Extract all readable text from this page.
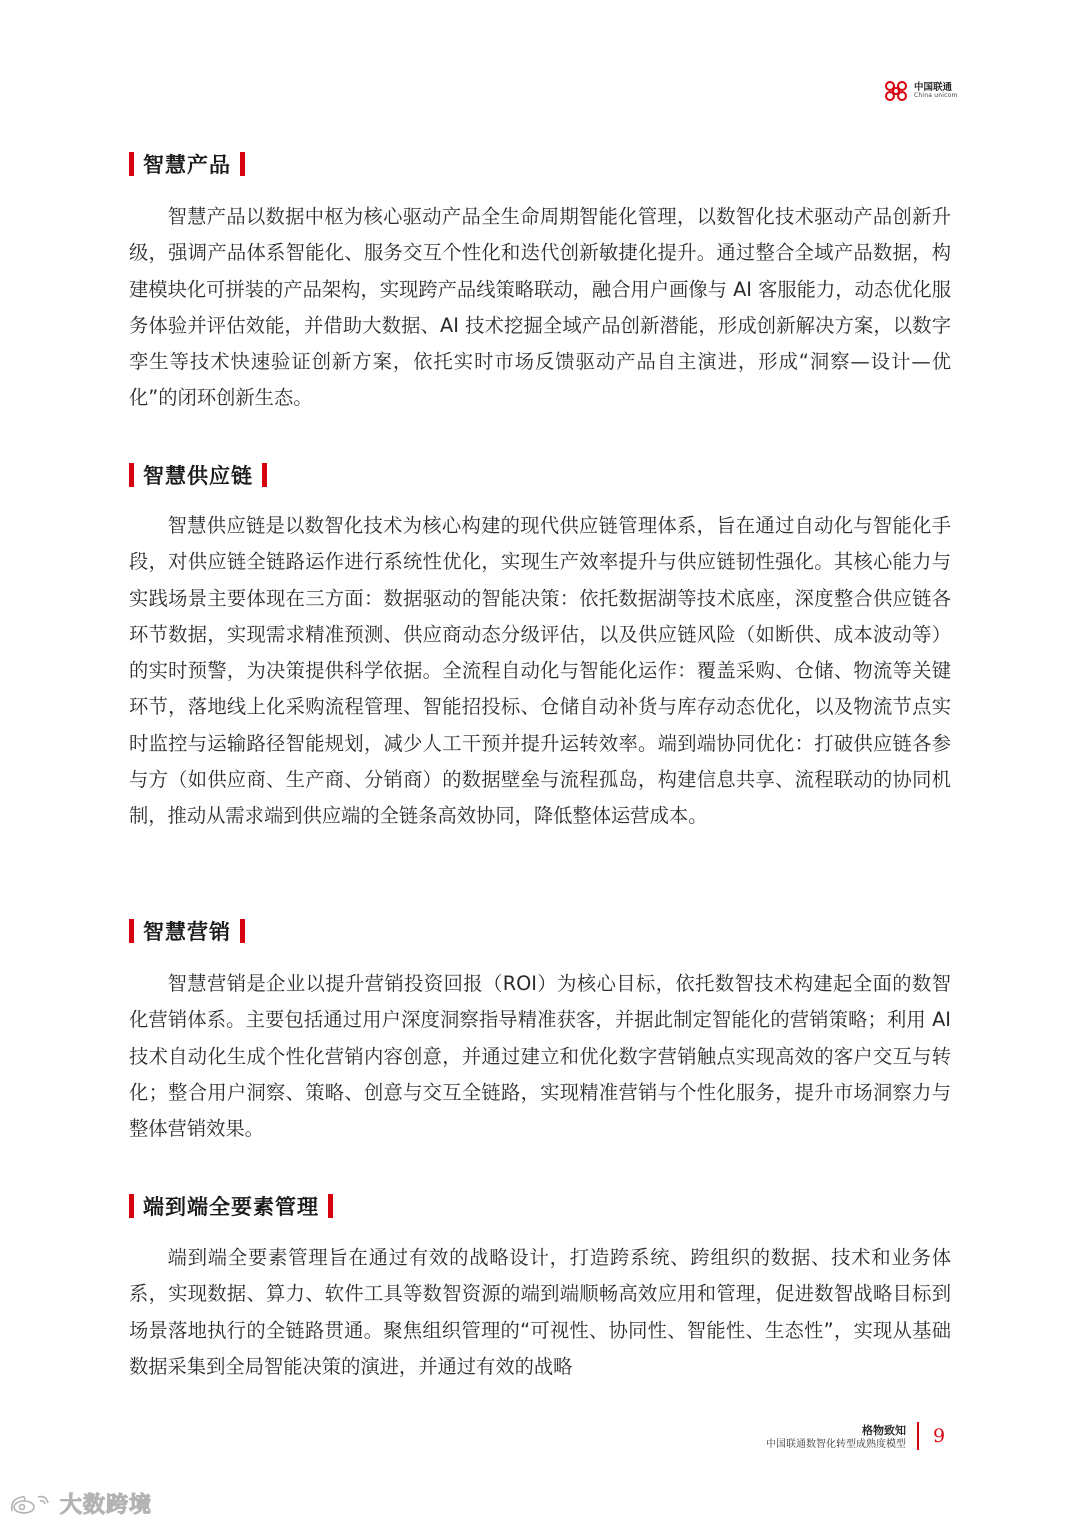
中国联通
China unicom
智慧产品

智慧产品以数据中枢为核心驱动产品全生命周期智能化管理，以数智化技术驱动产品创新升级，强调产品体系智能化、服务交互个性化和迭代创新敏捷化提升。通过整合全域产品数据，构建模块化可拼装的产品架构，实现跨产品线策略联动，融合用户画像与 AI 客服能力，动态优化服务体验并评估效能，并借助大数据、AI 技术挖掘全域产品创新潜能，形成创新解决方案，以数字孪生等技术快速验证创新方案，依托实时市场反馈驱动产品自主演进，形成“洞察—设计—优化”的闭环创新生态。

智慧供应链

智慧供应链是以数智化技术为核心构建的现代供应链管理体系，旨在通过自动化与智能化手段，对供应链全链路运作进行系统性优化，实现生产效率提升与供应链韧性强化。其核心能力与实践场景主要体现在三方面：数据驱动的智能决策：依托数据湖等技术底座，深度整合供应链各环节数据，实现需求精准预测、供应商动态分级评估，以及供应链风险（如断供、成本波动等）的实时预警，为决策提供科学依据。全流程自动化与智能化运作：覆盖采购、仓储、物流等关键环节，落地线上化采购流程管理、智能招投标、仓储自动补货与库存动态优化，以及物流节点实时监控与运输路径智能规划，减少人工干预并提升运转效率。端到端协同优化：打破供应链各参与方（如供应商、生产商、分销商）的数据壁垒与流程孤岛，构建信息共享、流程联动的协同机制，推动从需求端到供应端的全链条高效协同，降低整体运营成本。

智慧营销

智慧营销是企业以提升营销投资回报（ROI）为核心目标，依托数智技术构建起全面的数智化营销体系。主要包括通过用户深度洞察指导精准获客，并据此制定智能化的营销策略；利用 AI 技术自动化生成个性化营销内容创意，并通过建立和优化数字营销触点实现高效的客户交互与转化；整合用户洞察、策略、创意与交互全链路，实现精准营销与个性化服务，提升市场洞察力与整体营销效果。

端到端全要素管理

端到端全要素管理旨在通过有效的战略设计，打造跨系统、跨组织的数据、技术和业务体系，实现数据、算力、软件工具等数智资源的端到端顺畅高效应用和管理，促进数智战略目标到场景落地执行的全链路贯通。聚焦组织管理的“可视性、协同性、智能性、生态性”，实现从基础数据采集到全局智能决策的演进，并通过有效的战略

格物致知
中国联通数智化转型成熟度模型 9
大数跨境
